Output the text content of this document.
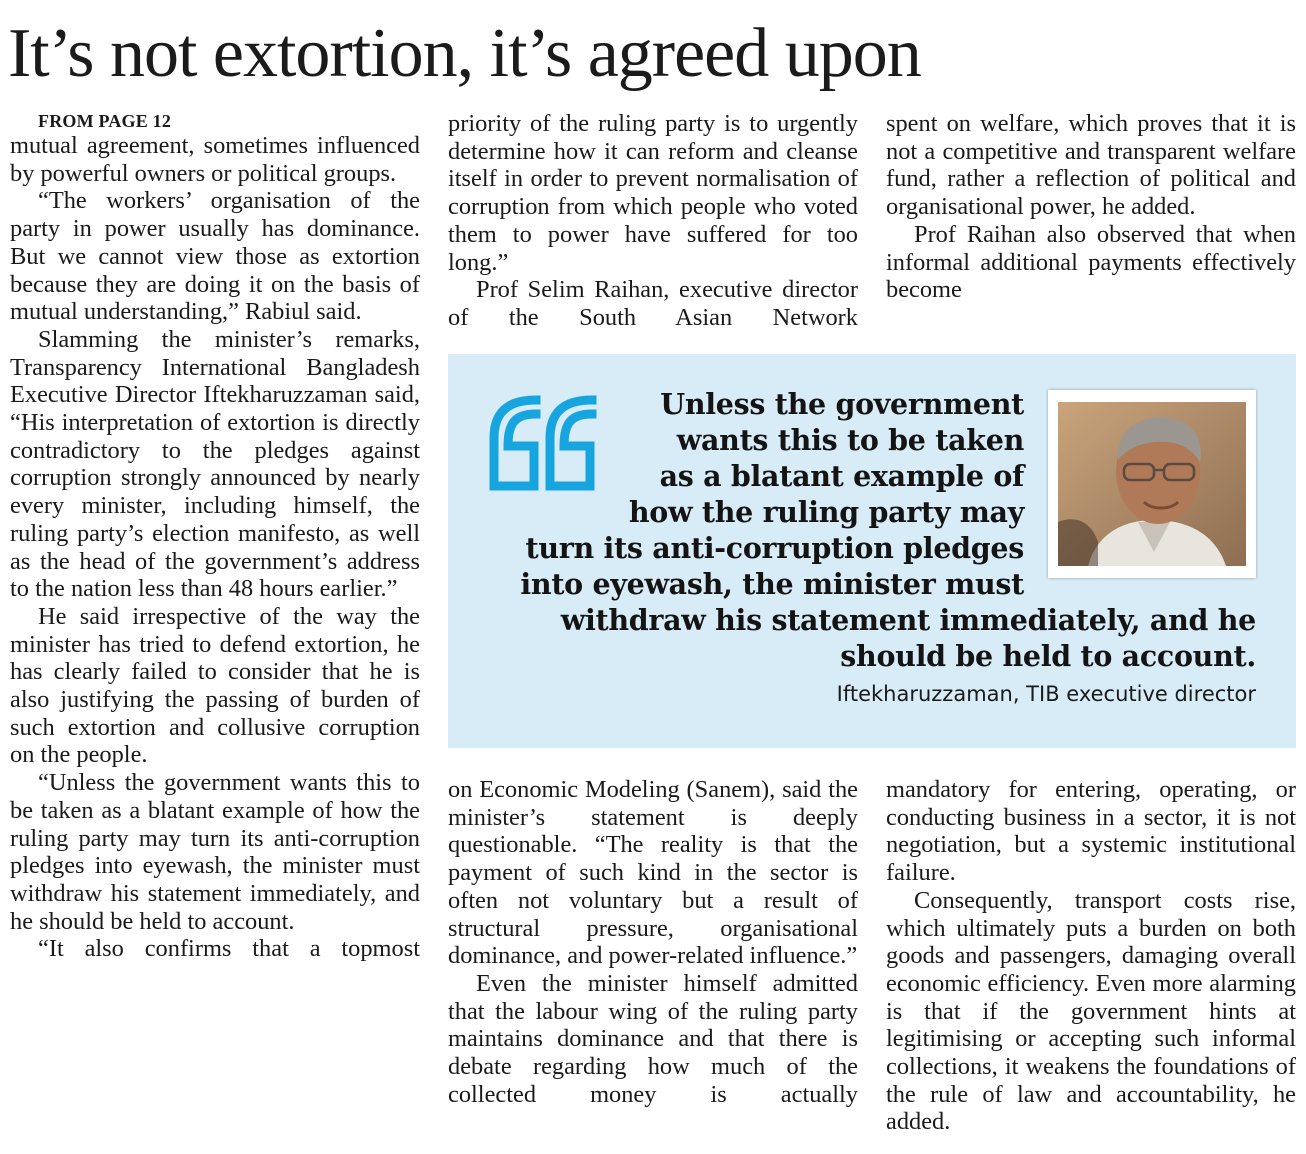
It’s not extortion, it’s agreed upon

FROM PAGE 12

mutual agreement, sometimes influenced by powerful owners or political groups.

“The workers’ organisation of the party in power usually has dominance. But we cannot view those as extortion because they are doing it on the basis of mutual understanding,” Rabiul said.

Slamming the minister’s remarks, Transparency International Bangladesh Executive Director Iftekharuzzaman said, “His interpretation of extortion is directly contradictory to the pledges against corruption strongly announced by nearly every minister, including himself, the ruling party’s election manifesto, as well as the head of the government’s address to the nation less than 48 hours earlier.”

He said irrespective of the way the minister has tried to defend extortion, he has clearly failed to consider that he is also justifying the passing of burden of such extortion and collusive corruption on the people.

“Unless the government wants this to be taken as a blatant example of how the ruling party may turn its anti-corruption pledges into eyewash, the minister must withdraw his statement immediately, and he should be held to account.

“It also confirms that a topmost

priority of the ruling party is to urgently determine how it can reform and cleanse itself in order to prevent normalisation of corruption from which people who voted them to power have suffered for too long.”

Prof Selim Raihan, executive director of the South Asian Network

spent on welfare, which proves that it is not a competitive and transparent welfare fund, rather a reflection of political and organisational power, he added.

Prof Raihan also observed that when informal additional payments effectively become

Unless the government
wants this to be taken
as a blatant example of
how the ruling party may
turn its anti-corruption pledges
into eyewash, the minister must
withdraw his statement immediately, and he
should be held to account.

Iftekharuzzaman, TIB executive director

on Economic Modeling (Sanem), said the minister’s statement is deeply questionable. “The reality is that the payment of such kind in the sector is often not voluntary but a result of structural pressure, organisational dominance, and power-related influence.”

Even the minister himself admitted that the labour wing of the ruling party maintains dominance and that there is debate regarding how much of the collected money is actually

mandatory for entering, operating, or conducting business in a sector, it is not negotiation, but a systemic institutional failure.

Consequently, transport costs rise, which ultimately puts a burden on both goods and passengers, damaging overall economic efficiency. Even more alarming is that if the government hints at legitimising or accepting such informal collections, it weakens the foundations of the rule of law and accountability, he added.
